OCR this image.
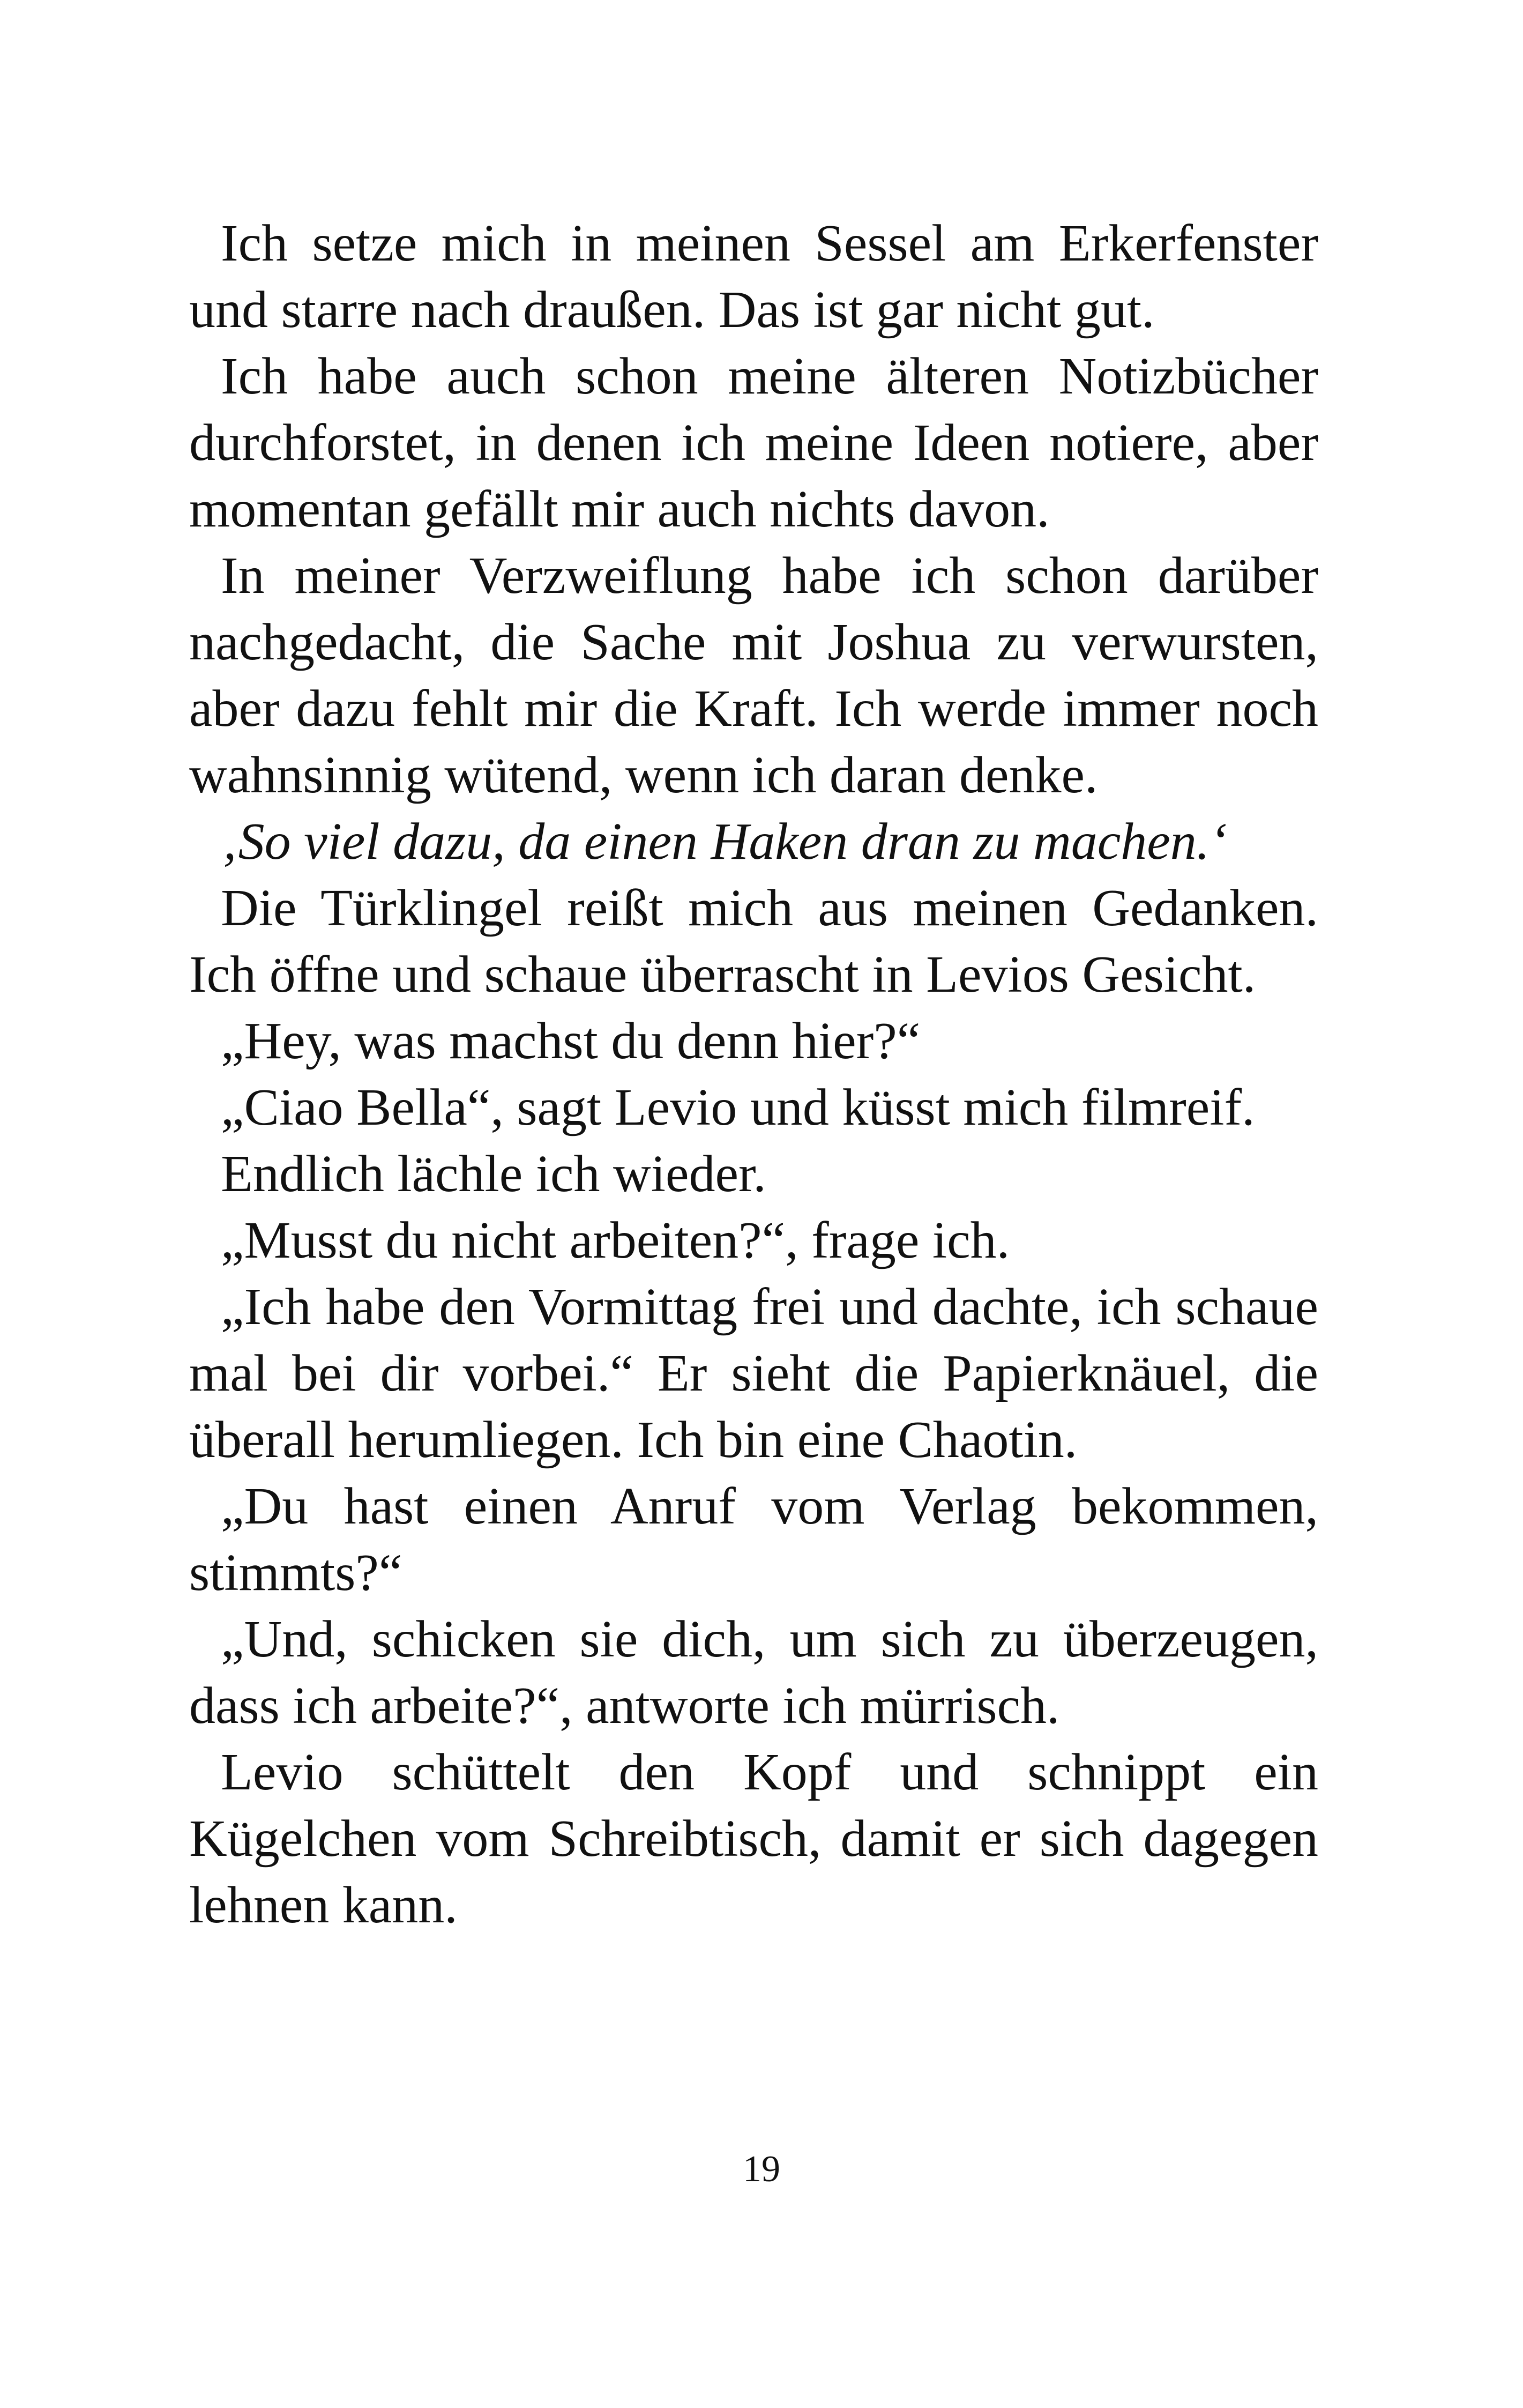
Ich setze mich in meinen Sessel am Erkerfenster und starre nach draußen. Das ist gar nicht gut.

Ich habe auch schon meine älteren Notizbücher durchforstet, in denen ich meine Ideen notiere, aber momentan gefällt mir auch nichts davon.

In meiner Verzweiflung habe ich schon darüber nachgedacht, die Sache mit Joshua zu verwursten, aber dazu fehlt mir die Kraft. Ich werde immer noch wahnsinnig wütend, wenn ich daran denke.

‚So viel dazu, da einen Haken dran zu machen.‘

Die Türklingel reißt mich aus meinen Gedanken. Ich öffne und schaue überrascht in Levios Gesicht.

„Hey, was machst du denn hier?“

„Ciao Bella“, sagt Levio und küsst mich filmreif.

Endlich lächle ich wieder.

„Musst du nicht arbeiten?“, frage ich.

„Ich habe den Vormittag frei und dachte, ich schaue mal bei dir vorbei.“ Er sieht die Papierknäuel, die überall herumliegen. Ich bin eine Chaotin.

„Du hast einen Anruf vom Verlag bekommen, stimmts?“

„Und, schicken sie dich, um sich zu überzeugen, dass ich arbeite?“, antworte ich mürrisch.

Levio schüttelt den Kopf und schnippt ein Kügelchen vom Schreibtisch, damit er sich dagegen lehnen kann.

19
